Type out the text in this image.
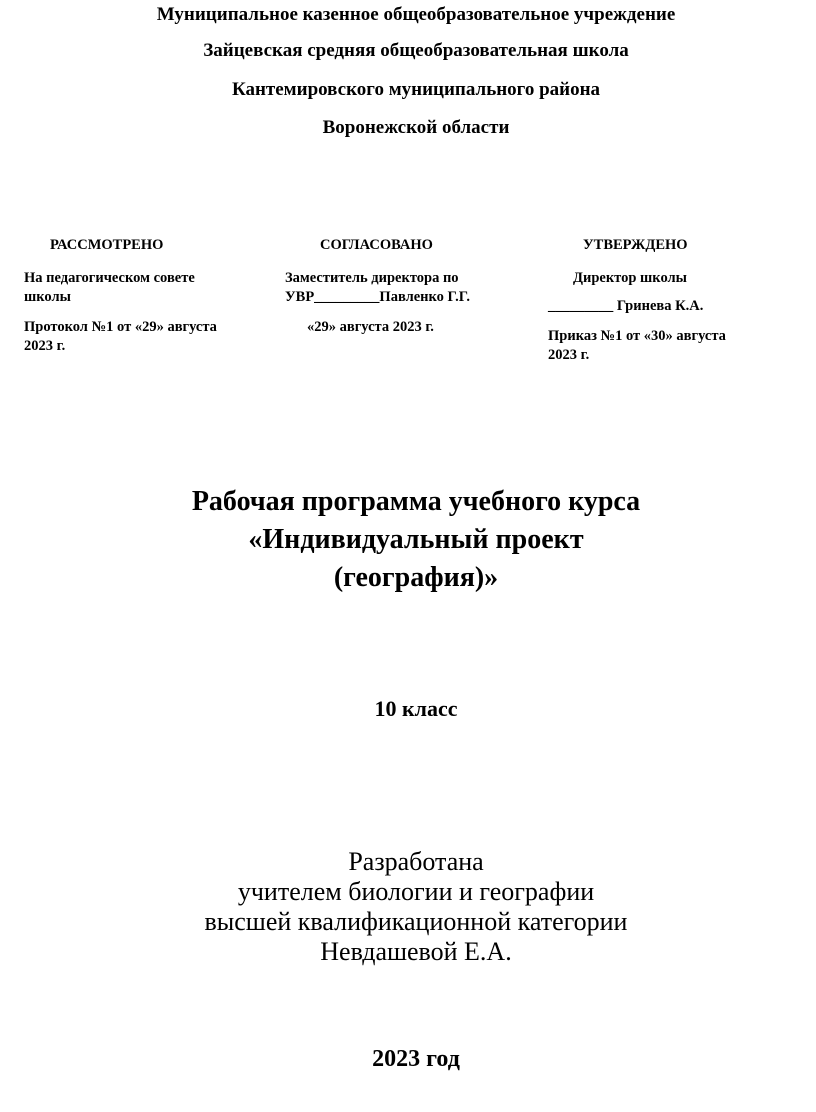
Муниципальное казенное общеобразовательное учреждение
Зайцевская средняя общеобразовательная школа
Кантемировского муниципального района
Воронежской области
РАССМОТРЕНО
На педагогическом совете
школы
Протокол №1 от «29» августа
2023 г.
СОГЛАСОВАНО
Заместитель директора по
УВР_________Павленко Г.Г.
«29» августа 2023 г.
УТВЕРЖДЕНО
Директор школы
_________ Гринева К.А.
Приказ №1 от «30» августа
2023 г.
Рабочая программа учебного курса
«Индивидуальный проект
(география)»
10 класс
Разработана
учителем биологии и географии
высшей квалификационной категории
Невдашевой Е.А.
2023 год
